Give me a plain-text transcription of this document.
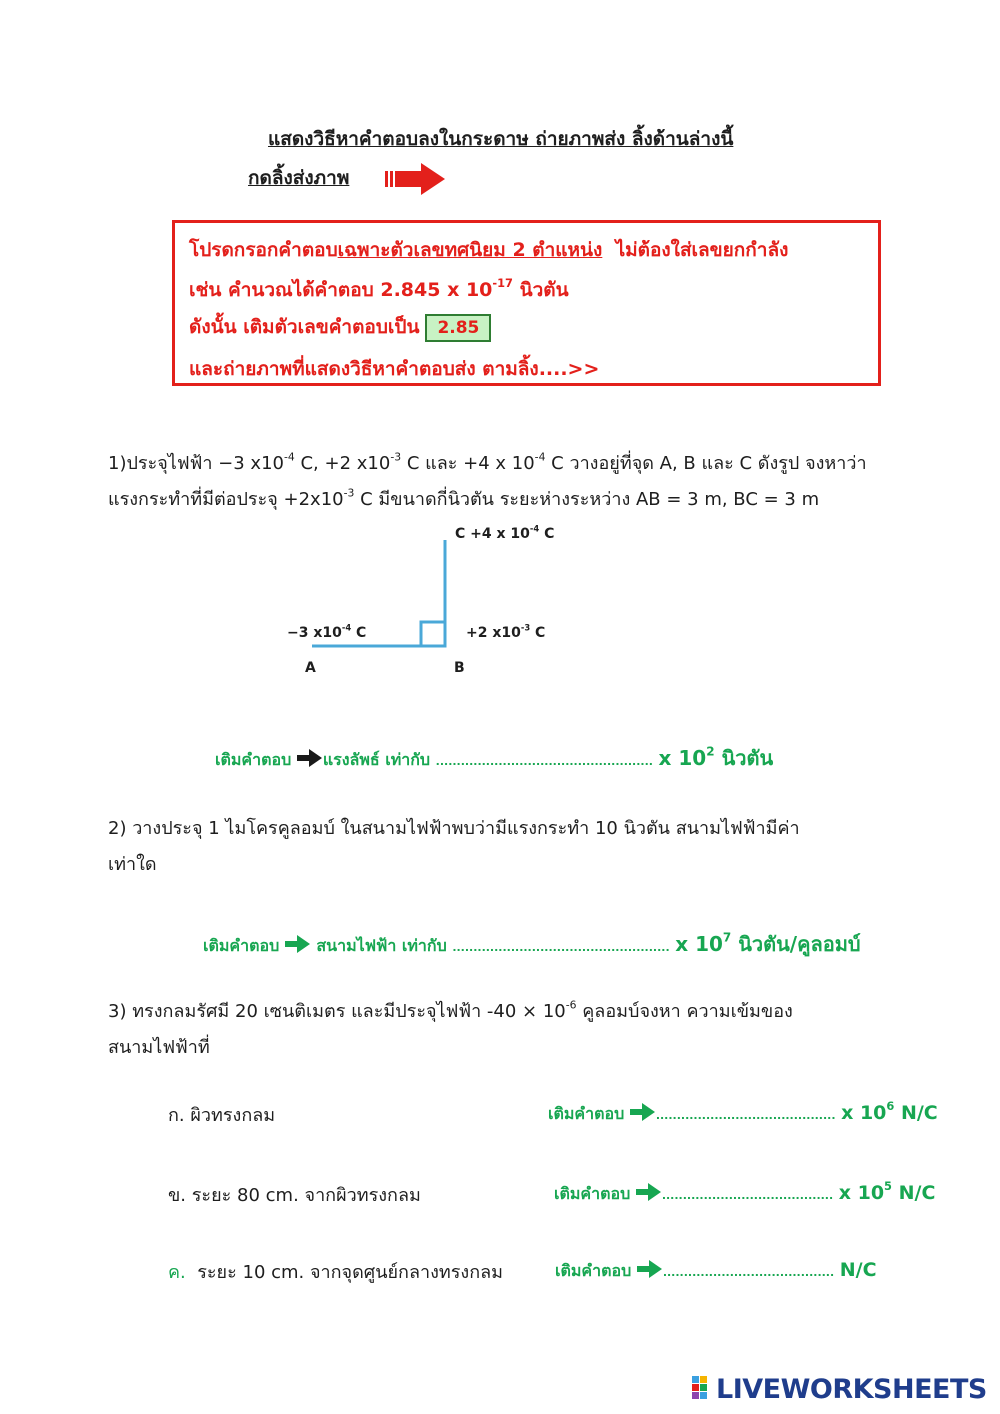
แสดงวิธีหาคำตอบลงในกระดาษ ถ่ายภาพส่ง ลิ้งด้านล่างนี้
กดลิ้งส่งภาพ
โปรดกรอกคำตอบเฉพาะตัวเลขทศนิยม 2 ตำแหน่ง ไม่ต้องใส่เลขยกกำลัง
เช่น คำนวณได้คำตอบ 2.845 x $10^{-17}$ นิวตัน
ดังนั้น เติมตัวเลขคำตอบเป็น 2.85
และถ่ายภาพที่แสดงวิธีหาคำตอบส่ง ตามลิ้ง....>>
1)ประจุไฟฟ้า −3 $x10^{-4}$ C, +2 $x10^{-3}$ C และ +4 x $10^{-4}$ C วางอยู่ที่จุด A, B และ C ดังรูป จงหาว่า
แรงกระทำที่มีต่อประจุ $+2x10^{-3}$ C มีขนาดกี่นิวตัน ระยะห่างระหว่าง AB = 3 m, BC = 3 m
C +4 x $10^{-4}$ C
−3 $x10^{-4}$ C	+2 $x10^{-3}$ C
A	B
เติมคำตอบ แรงลัพธ์ เท่ากับ .................................................... x $10^2$ นิวตัน
2) วางประจุ 1 ไมโครคูลอมบ์ ในสนามไฟฟ้าพบว่ามีแรงกระทำ 10 นิวตัน สนามไฟฟ้ามีค่า
เท่าใด
เติมคำตอบ สนามไฟฟ้า เท่ากับ .................................................... x $10^7$ นิวตัน/คูลอมบ์
3) ทรงกลมรัศมี 20 เซนติเมตร และมีประจุไฟฟ้า $-40 \times 10^{-6}$ คูลอมบ์จงหา ความเข้มของ
สนามไฟฟ้าที่
ก. ผิวทรงกลม	เติมคำตอบ	........................................... x $10^6$ N/C
ข. ระยะ 80 cm. จากผิวทรงกลม	เติมคำตอบ	......................................... x $10^5$ N/C
ค. ระยะ 10 cm. จากจุดศูนย์กลางทรงกลม	เติมคำตอบ	......................................... N/C
LIVEWORKSHEETS
